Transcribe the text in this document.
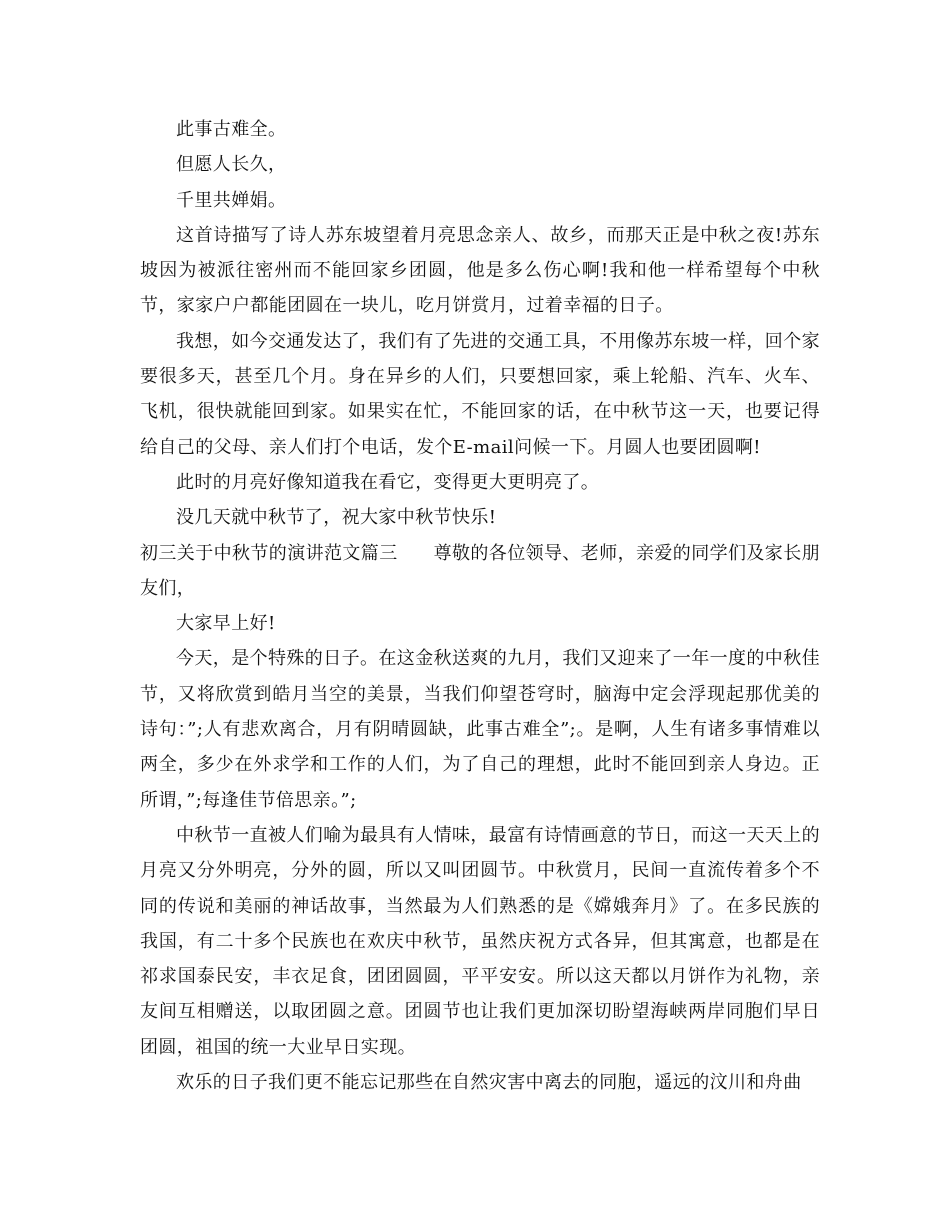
此事古难全。

但愿人长久，

千里共婵娟。

这首诗描写了诗人苏东坡望着月亮思念亲人、故乡，而那天正是中秋之夜!苏东坡因为被派往密州而不能回家乡团圆，他是多么伤心啊!我和他一样希望每个中秋节，家家户户都能团圆在一块儿，吃月饼赏月，过着幸福的日子。

我想，如今交通发达了，我们有了先进的交通工具，不用像苏东坡一样，回个家要很多天，甚至几个月。身在异乡的人们，只要想回家，乘上轮船、汽车、火车、飞机，很快就能回到家。如果实在忙，不能回家的话，在中秋节这一天，也要记得给自己的父母、亲人们打个电话，发个E-mail问候一下。月圆人也要团圆啊!

此时的月亮好像知道我在看它，变得更大更明亮了。

没几天就中秋节了，祝大家中秋节快乐!

初三关于中秋节的演讲范文篇三 尊敬的各位领导、老师，亲爱的同学们及家长朋友们，

大家早上好!

今天，是个特殊的日子。在这金秋送爽的九月，我们又迎来了一年一度的中秋佳节，又将欣赏到皓月当空的美景，当我们仰望苍穹时，脑海中定会浮现起那优美的诗句：”;人有悲欢离合，月有阴晴圆缺，此事古难全”;。是啊，人生有诸多事情难以两全，多少在外求学和工作的人们，为了自己的理想，此时不能回到亲人身边。正所谓，”;每逢佳节倍思亲。”;

中秋节一直被人们喻为最具有人情味，最富有诗情画意的节日，而这一天天上的月亮又分外明亮，分外的圆，所以又叫团圆节。中秋赏月，民间一直流传着多个不同的传说和美丽的神话故事，当然最为人们熟悉的是《嫦娥奔月》了。在多民族的我国，有二十多个民族也在欢庆中秋节，虽然庆祝方式各异，但其寓意，也都是在祁求国泰民安，丰衣足食，团团圆圆，平平安安。所以这天都以月饼作为礼物，亲友间互相赠送，以取团圆之意。团圆节也让我们更加深切盼望海峡两岸同胞们早日团圆，祖国的统一大业早日实现。

欢乐的日子我们更不能忘记那些在自然灾害中离去的同胞，遥远的汶川和舟曲
